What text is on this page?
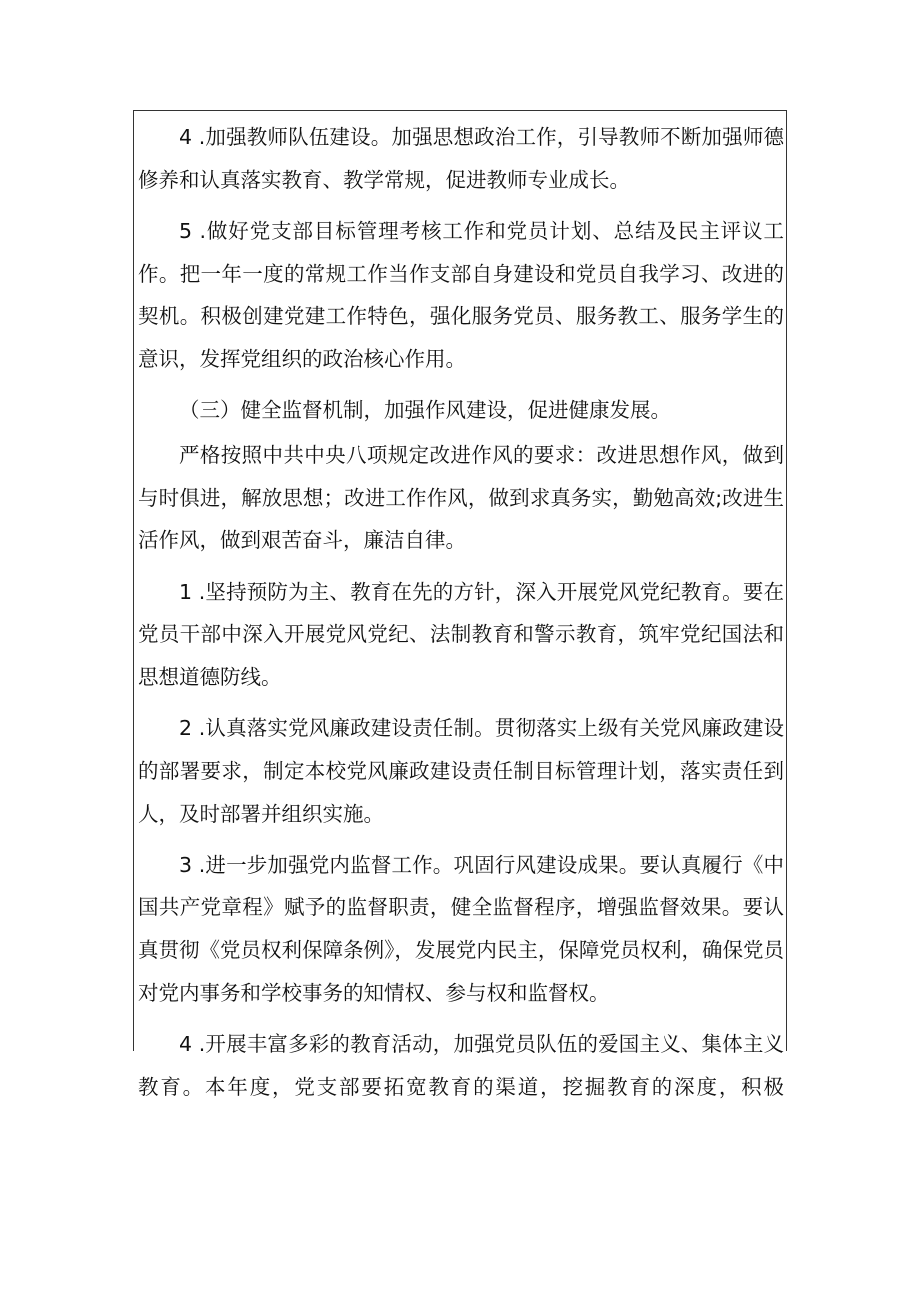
4 .加强教师队伍建设。加强思想政治工作，引导教师不断加强师德修养和认真落实教育、教学常规，促进教师专业成长。

5 .做好党支部目标管理考核工作和党员计划、总结及民主评议工作。把一年一度的常规工作当作支部自身建设和党员自我学习、改进的契机。积极创建党建工作特色，强化服务党员、服务教工、服务学生的意识，发挥党组织的政治核心作用。

（三）健全监督机制，加强作风建设，促进健康发展。

严格按照中共中央八项规定改进作风的要求：改进思想作风，做到与时俱进，解放思想；改进工作作风，做到求真务实，勤勉高效;改进生活作风，做到艰苦奋斗，廉洁自律。

1 .坚持预防为主、教育在先的方针，深入开展党风党纪教育。要在党员干部中深入开展党风党纪、法制教育和警示教育，筑牢党纪国法和思想道德防线。

2 .认真落实党风廉政建设责任制。贯彻落实上级有关党风廉政建设的部署要求，制定本校党风廉政建设责任制目标管理计划，落实责任到人，及时部署并组织实施。

3 .进一步加强党内监督工作。巩固行风建设成果。要认真履行《中国共产党章程》赋予的监督职责，健全监督程序，增强监督效果。要认真贯彻《党员权利保障条例》，发展党内民主，保障党员权利，确保党员对党内事务和学校事务的知情权、参与权和监督权。

4 .开展丰富多彩的教育活动，加强党员队伍的爱国主义、集体主义教育。本年度，党支部要拓宽教育的渠道，挖掘教育的深度，积极
